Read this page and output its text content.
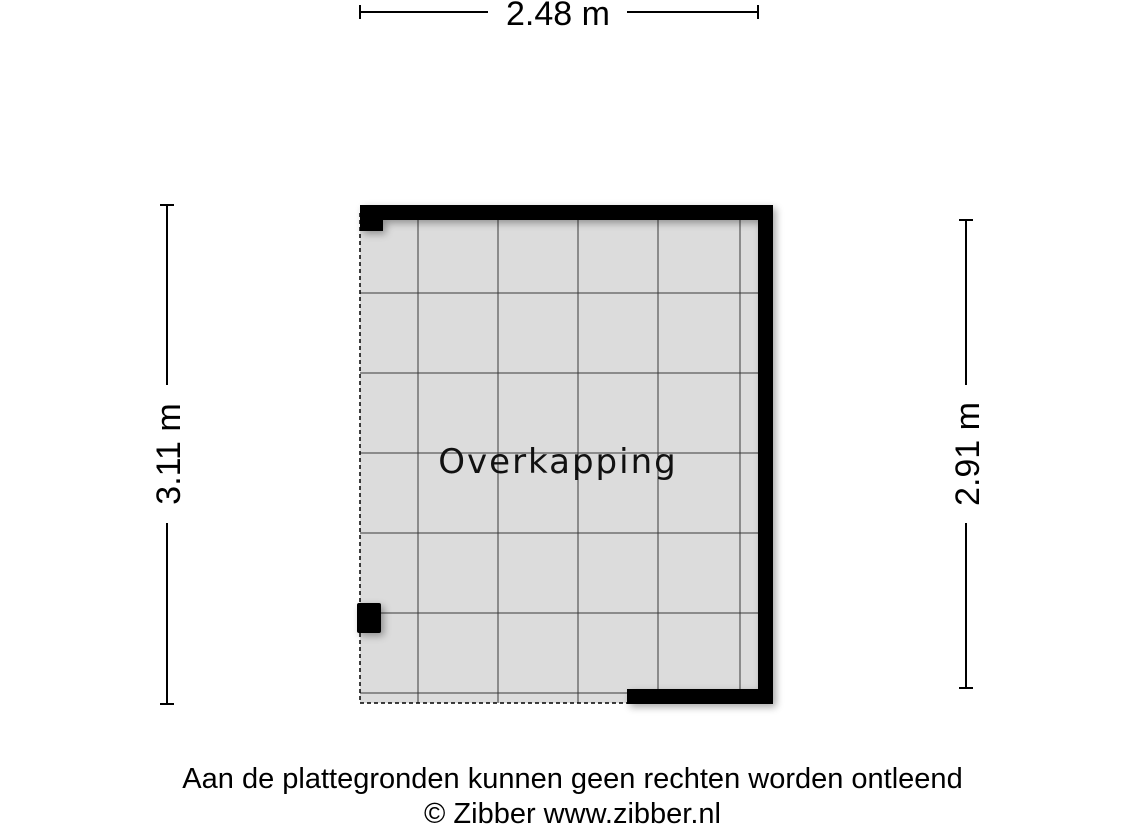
2.48 m
3.11 m	2.91 m
Overkapping
Aan de plattegronden kunnen geen rechten worden ontleend
© Zibber www.zibber.nl
